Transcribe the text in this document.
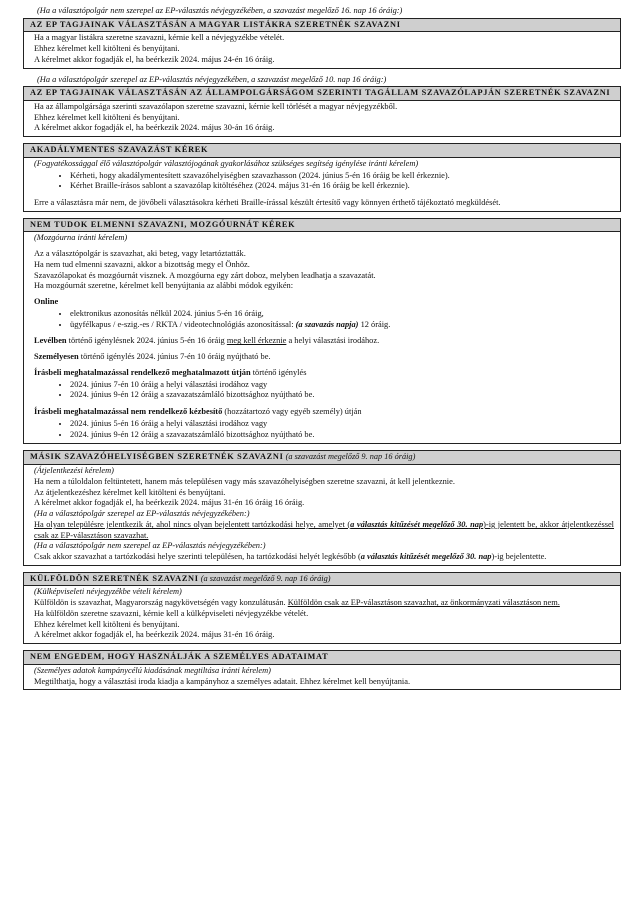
(Ha a választópolgár nem szerepel az EP-választás névjegyzékében, a szavazást megelőző 16. nap 16 óráig:)
AZ EP TAGJAINAK VÁLASZTÁSÁN A MAGYAR LISTÁKRA SZERETNÉK SZAVAZNI
Ha a magyar listákra szeretne szavazni, kérnie kell a névjegyzékbe vételét.
Ehhez kérelmet kell kitölteni és benyújtani.
A kérelmet akkor fogadják el, ha beérkezik 2024. május 24-én 16 óráig.
(Ha a választópolgár szerepel az EP-választás névjegyzékében, a szavazást megelőző 10. nap 16 óráig:)
AZ EP TAGJAINAK VÁLASZTÁSÁN AZ ÁLLAMPOLGÁRSÁGOM SZERINTI TAGÁLLAM SZAVAZÓLAPJÁN SZERETNÉK SZAVAZNI
Ha az állampolgársága szerinti szavazólapon szeretne szavazni, kérnie kell törlését a magyar névjegyzékből.
Ehhez kérelmet kell kitölteni és benyújtani.
A kérelmet akkor fogadják el, ha beérkezik 2024. május 30-án 16 óráig.
AKADÁLYMENTES SZAVAZÁST KÉREK
(Fogyatékossággal élő választópolgár választójogának gyakorlásához szükséges segítség igénylése iránti kérelem)
• Kérheti, hogy akadálymentesített szavazóhelyiségben szavazhasson (2024. június 5-én 16 óráig be kell érkeznie).
• Kérhet Braille-írásos sablont a szavazólap kitöltéséhez (2024. május 31-én 16 óráig be kell érkeznie).
Erre a választásra már nem, de jövőbeli választásokra kérheti Braille-írással készült értesítő vagy könnyen érthető tájékoztató megküldését.
NEM TUDOK ELMENNI SZAVAZNI, MOZGÓURNÁT KÉREK
(Mozgóurna iránti kérelem)
Az a választópolgár is szavazhat, aki beteg, vagy letartóztatták.
Ha nem tud elmenni szavazni, akkor a bizottság megy el Önhöz.
Szavazólapokat és mozgóurnát visznek. A mozgóurna egy zárt doboz, melyben leadhatja a szavazatát.
Ha mozgóurnát szeretne, kérelmet kell benyújtania az alábbi módok egyikén:
Online
• elektronikus azonosítás nélkül 2024. június 5-én 16 óráig,
• ügyfélkapus / e-szig.-es / RKTA / videotechnológiás azonosítással: (a szavazás napja) 12 óráig.
Levélben történő igénylésnek 2024. június 5-én 16 óráig meg kell érkeznie a helyi választási irodához.
Személyesen történő igénylés 2024. június 7-én 10 óráig nyújtható be.
Írásbeli meghatalmazással rendelkező meghatalmazott útján történő igénylés
• 2024. június 7-én 10 óráig a helyi választási irodához vagy
• 2024. június 9-én 12 óráig a szavazatszámláló bizottsághoz nyújtható be.
Írásbeli meghatalmazással nem rendelkező kézbesítő (hozzátartozó vagy egyéb személy) útján
• 2024. június 5-én 16 óráig a helyi választási irodához vagy
• 2024. június 9-én 12 óráig a szavazatszámláló bizottsághoz nyújtható be.
MÁSIK SZAVAZÓHELYISÉGBEN SZERETNÉK SZAVAZNI (a szavazást megelőző 9. nap 16 óráig)
(Átjelentkezési kérelem)
Ha nem a túloldalon feltüntetett, hanem más településen vagy más szavazóhelyiségben szeretne szavazni, át kell jelentkeznie.
Az átjelentkezéshez kérelmet kell kitölteni és benyújtani.
A kérelmet akkor fogadják el, ha beérkezik 2024. május 31-én 16 óráig 16 óráig.
(Ha a választópolgár szerepel az EP-választás névjegyzékében:)
Ha olyan településre jelentkezik át, ahol nincs olyan bejelentett tartózkodási helye, amelyet (a választás kitűzését megelőző 30. nap)-ig jelentett be, akkor átjelentkezéssel csak az EP-választáson szavazhat.
(Ha a választópolgár nem szerepel az EP-választás névjegyzékében:)
Csak akkor szavazhat a tartózkodási helye szerinti településen, ha tartózkodási helyét legkésőbb (a választás kitűzését megelőző 30. nap)-ig bejelentette.
KÜLFÖLDÖN SZERETNÉK SZAVAZNI (a szavazást megelőző 9. nap 16 óráig)
(Külképviseleti névjegyzékbe vételi kérelem)
Külföldön is szavazhat, Magyarország nagykövetségén vagy konzulátusán. Külföldön csak az EP-választáson szavazhat, az önkormányzati választáson nem.
Ha külföldön szeretne szavazni, kérnie kell a külképviseleti névjegyzékbe vételét.
Ehhez kérelmet kell kitölteni és benyújtani.
A kérelmet akkor fogadják el, ha beérkezik 2024. május 31-én 16 óráig.
NEM ENGEDEM, HOGY HASZNÁLJÁK A SZEMÉLYES ADATAIMAT
(Személyes adatok kampánycélú kiadásának megtiltása iránti kérelem)
Megtilthatja, hogy a választási iroda kiadja a kampányhoz a személyes adatait. Ehhez kérelmet kell benyújtania.
